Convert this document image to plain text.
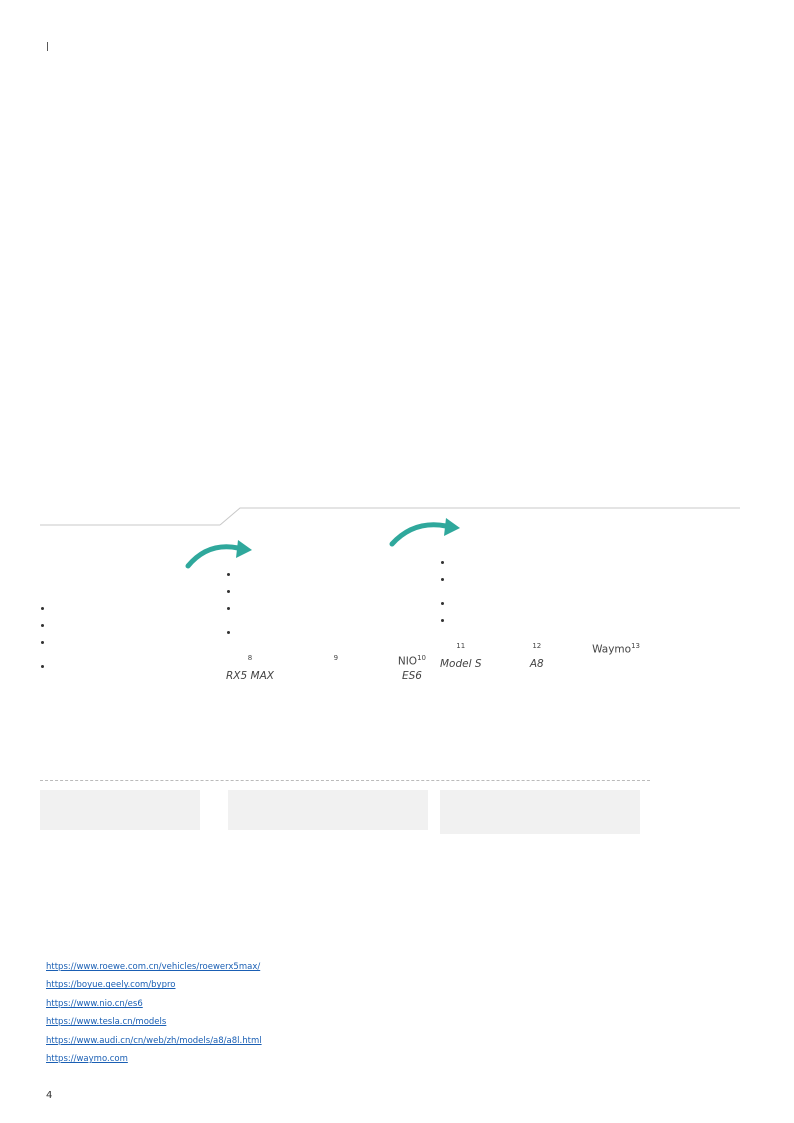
|

•
•
•
•

•
•
•
•
$^8$
RX5 MAX
$^9$	NIO$^{10}$
ES6

•
•
•
•
$^{11}$
Model S
$^{12}$
A8
Waymo$^{13}$

https://www.roewe.com.cn/vehicles/roewerx5max/
https://boyue.geely.com/bypro
https://www.nio.cn/es6
https://www.tesla.cn/models
https://www.audi.cn/cn/web/zh/models/a8/a8l.html
https://waymo.com
4
